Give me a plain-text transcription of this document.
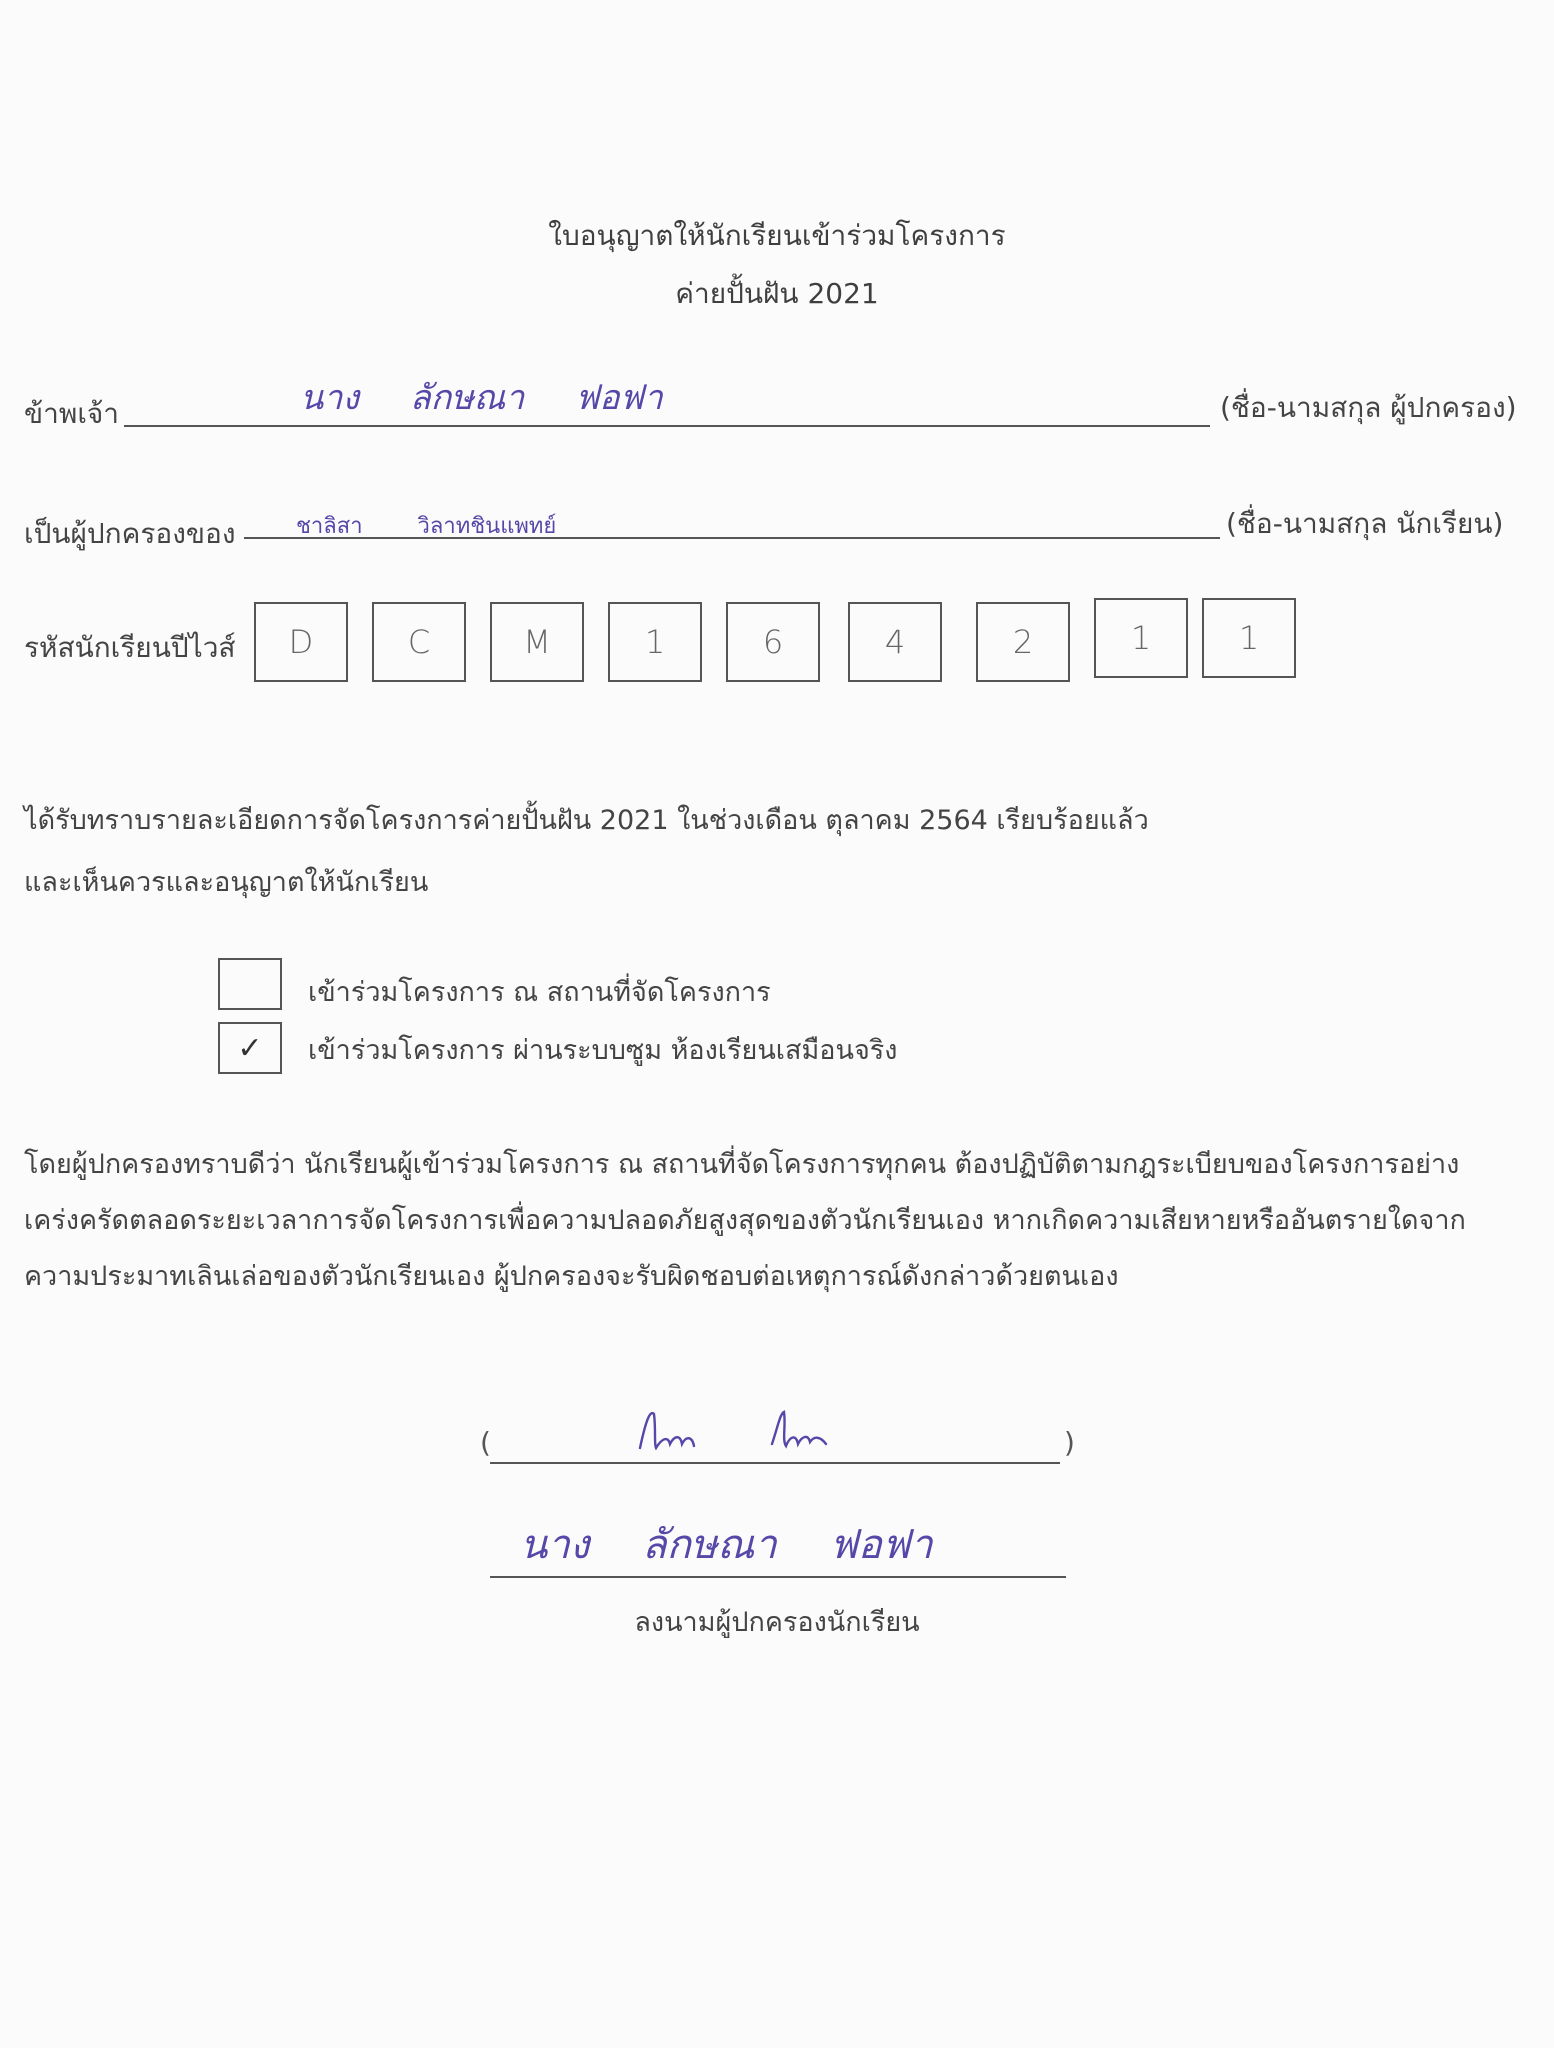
ใบอนุญาตให้นักเรียนเข้าร่วมโครงการ
ค่ายปั้นฝัน 2021
ข้าพเจ้า	นาง ลักษณา ฟอฟา	(ชื่อ-นามสกุล ผู้ปกครอง)
เป็นผู้ปกครองของ	ชาลิสา วิลาทชินแพทย์	(ชื่อ-นามสกุล นักเรียน)
รหัสนักเรียนปีไวส์	D	C	M	1	6	4	2	1	1
ได้รับทราบรายละเอียดการจัดโครงการค่ายปั้นฝัน 2021 ในช่วงเดือน ตุลาคม 2564 เรียบร้อยแล้ว
และเห็นควรและอนุญาตให้นักเรียน
เข้าร่วมโครงการ ณ สถานที่จัดโครงการ
✓	เข้าร่วมโครงการ ผ่านระบบซูม ห้องเรียนเสมือนจริง
โดยผู้ปกครองทราบดีว่า นักเรียนผู้เข้าร่วมโครงการ ณ สถานที่จัดโครงการทุกคน ต้องปฏิบัติตามกฎระเบียบของโครงการอย่าง
เคร่งครัดตลอดระยะเวลาการจัดโครงการเพื่อความปลอดภัยสูงสุดของตัวนักเรียนเอง หากเกิดความเสียหายหรืออันตรายใดจาก
ความประมาทเลินเล่อของตัวนักเรียนเอง ผู้ปกครองจะรับผิดชอบต่อเหตุการณ์ดังกล่าวด้วยตนเอง
(	)
นาง ลักษณา ฟอฟา
ลงนามผู้ปกครองนักเรียน
